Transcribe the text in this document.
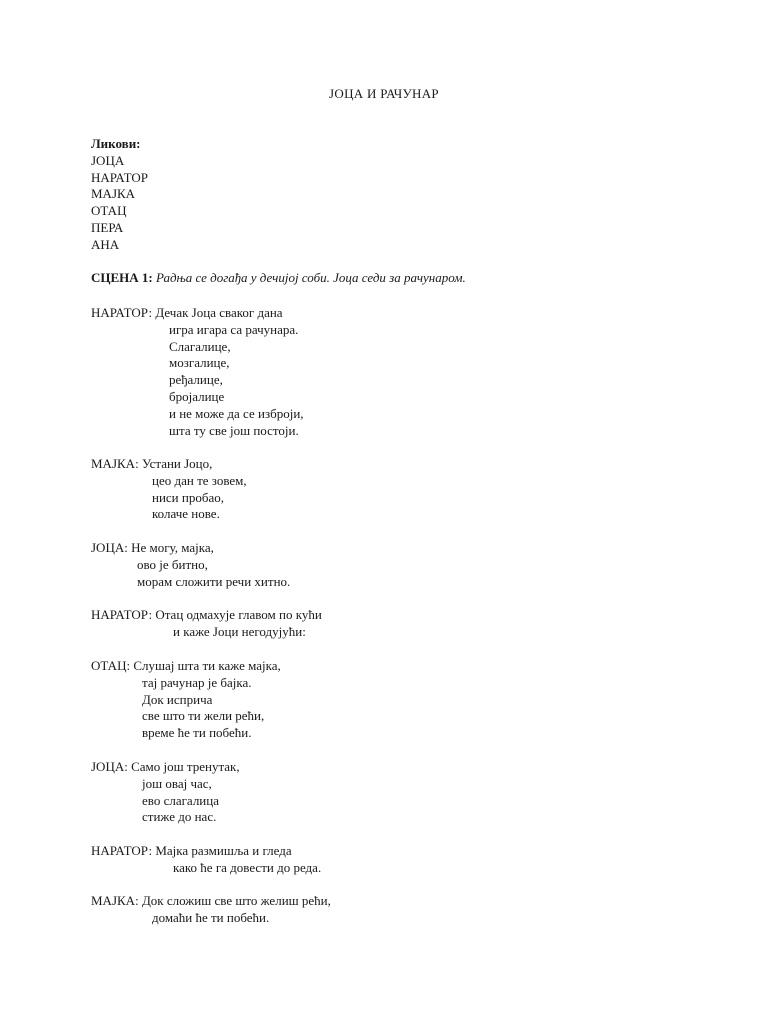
ЈОЦА И РАЧУНАР
Ликови:
ЈОЦА
НАРАТОР
МАЈКА
ОТАЦ
ПЕРА
АНА
СЦЕНА 1: Радња се догађа у дечијој соби. Јоца седи за рачунаром.
НАРАТОР: Дечак Јоца сваког дана
игра игара са рачунара.
Слагалице,
мозгалице,
ређалице,
бројалице
и не може да се изброји,
шта ту све још постоји.
МАЈКА: Устани Јоцо,
цео дан те зовем,
ниси пробао,
колаче нове.
ЈОЦА: Не могу, мајка,
ово је битно,
морам сложити речи хитно.
НАРАТОР: Отац одмахује главом по кући
и каже Јоци негодујући:
ОТАЦ: Слушај шта ти каже мајка,
тај рачунар је бајка.
Док исприча
све што ти жели рећи,
време ће ти побећи.
ЈОЦА: Само још тренутак,
још овај час,
ево слагалица
стиже до нас.
НАРАТОР: Мајка размишља и гледа
како ће га довести до реда.
МАЈКА: Док сложиш све што желиш рећи,
домаћи ће ти побећи.
